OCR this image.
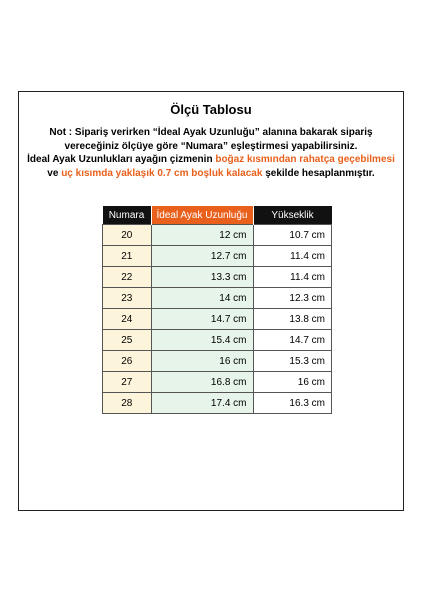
Ölçü Tablosu
Not : Sipariş verirken “İdeal Ayak Uzunluğu” alanına bakarak sipariş
vereceğiniz ölçüye göre “Numara” eşleştirmesi yapabilirsiniz.
İdeal Ayak Uzunlukları ayağın çizmenin boğaz kısmından rahatça geçebilmesi
ve uç kısımda yaklaşık 0.7 cm boşluk kalacak şekilde hesaplanmıştır.
Numara	İdeal Ayak Uzunluğu	Yükseklik
20	12 cm	10.7 cm
21	12.7 cm	11.4 cm
22	13.3 cm	11.4 cm
23	14 cm	12.3 cm
24	14.7 cm	13.8 cm
25	15.4 cm	14.7 cm
26	16 cm	15.3 cm
27	16.8 cm	16 cm
28	17.4 cm	16.3 cm
